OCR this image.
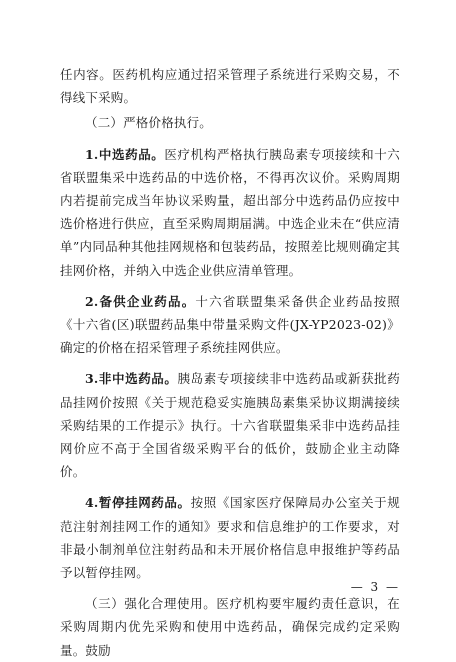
任内容。医药机构应通过招采管理子系统进行采购交易，不得线下采购。

（二）严格价格执行。

1.中选药品。医疗机构严格执行胰岛素专项接续和十六省联盟集采中选药品的中选价格，不得再次议价。采购周期内若提前完成当年协议采购量，超出部分中选药品仍应按中选价格进行供应，直至采购周期届满。中选企业未在“供应清单”内同品种其他挂网规格和包装药品，按照差比规则确定其挂网价格，并纳入中选企业供应清单管理。

2.备供企业药品。十六省联盟集采备供企业药品按照《十六省(区)联盟药品集中带量采购文件(JX-YP2023-02)》确定的价格在招采管理子系统挂网供应。

3.非中选药品。胰岛素专项接续非中选药品或新获批药品挂网价按照《关于规范稳妥实施胰岛素集采协议期满接续采购结果的工作提示》执行。十六省联盟集采非中选药品挂网价应不高于全国省级采购平台的低价，鼓励企业主动降价。

4.暂停挂网药品。按照《国家医疗保障局办公室关于规范注射剂挂网工作的通知》要求和信息维护的工作要求，对非最小制剂单位注射药品和未开展价格信息申报维护等药品予以暂停挂网。

（三）强化合理使用。医疗机构要牢履约责任意识，在采购周期内优先采购和使用中选药品，确保完成约定采购量。鼓励

— 3 —
